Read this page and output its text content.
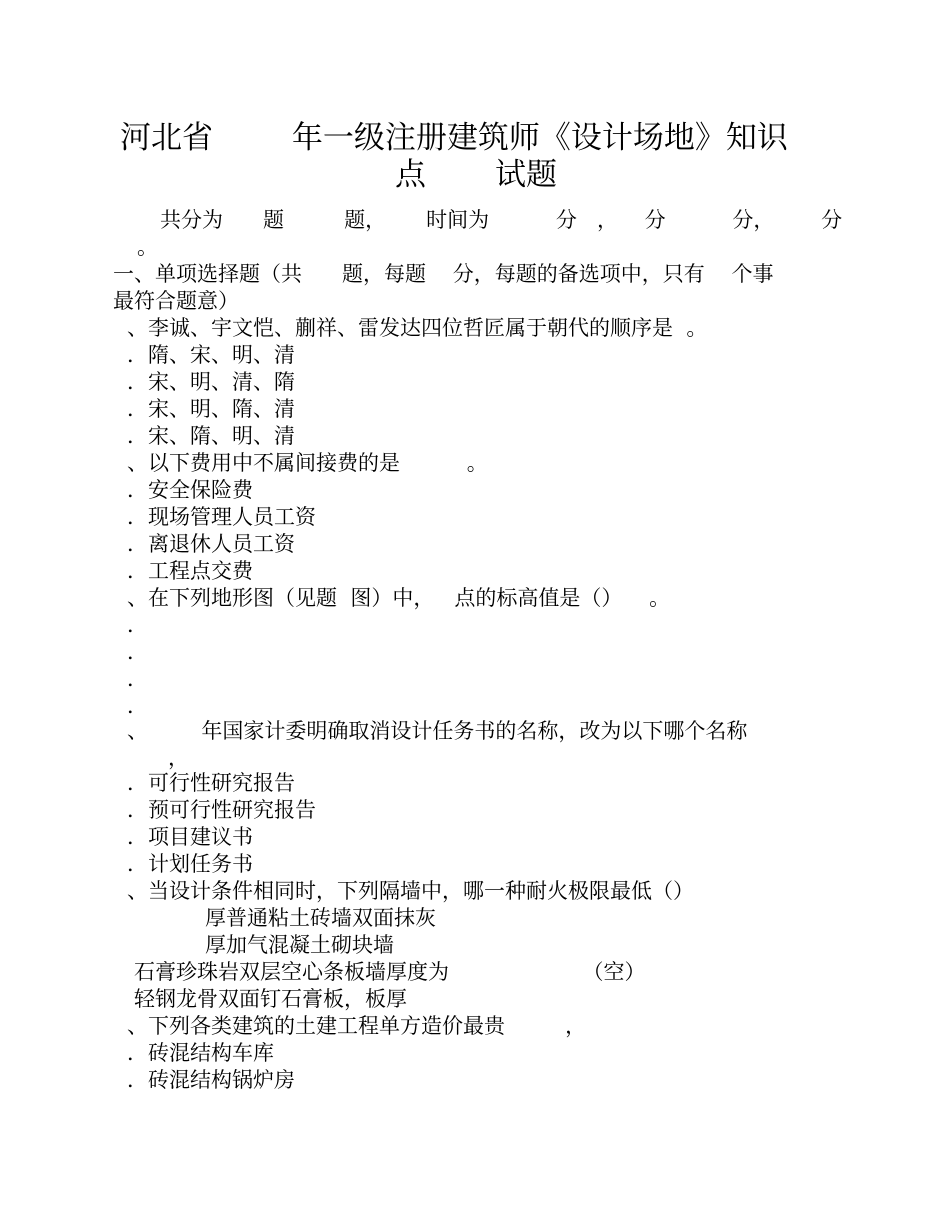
河北省        年一级注册建筑师《设计场地》知识
点       试题
共分为      题         题，      时间为          分   ，    分          分，       分
。
一、单项选择题（共      题，每题    分，每题的备选项中，只有    个事
最符合题意）
、李诚、宇文恺、蒯祥、雷发达四位哲匠属于朝代的顺序是  。
．隋、宋、明、清
．宋、明、清、隋
．宋、明、隋、清
．宋、隋、明、清
、以下费用中不属间接费的是          。
．安全保险费
．现场管理人员工资
．离退休人员工资
．工程点交费
、在下列地形图（见题  图）中，   点的标高值是（）    。
．
．
．
．
、        年国家计委明确取消设计任务书的名称，改为以下哪个名称
，
．可行性研究报告
．预可行性研究报告
．项目建议书
．计划任务书
、当设计条件相同时，下列隔墙中，哪一种耐火极限最低（）
厚普通粘土砖墙双面抹灰
厚加气混凝土砌块墙
石膏珍珠岩双层空心条板墙厚度为                    （空）
轻钢龙骨双面钉石膏板，板厚
、下列各类建筑的土建工程单方造价最贵         ，
．砖混结构车库
．砖混结构锅炉房
